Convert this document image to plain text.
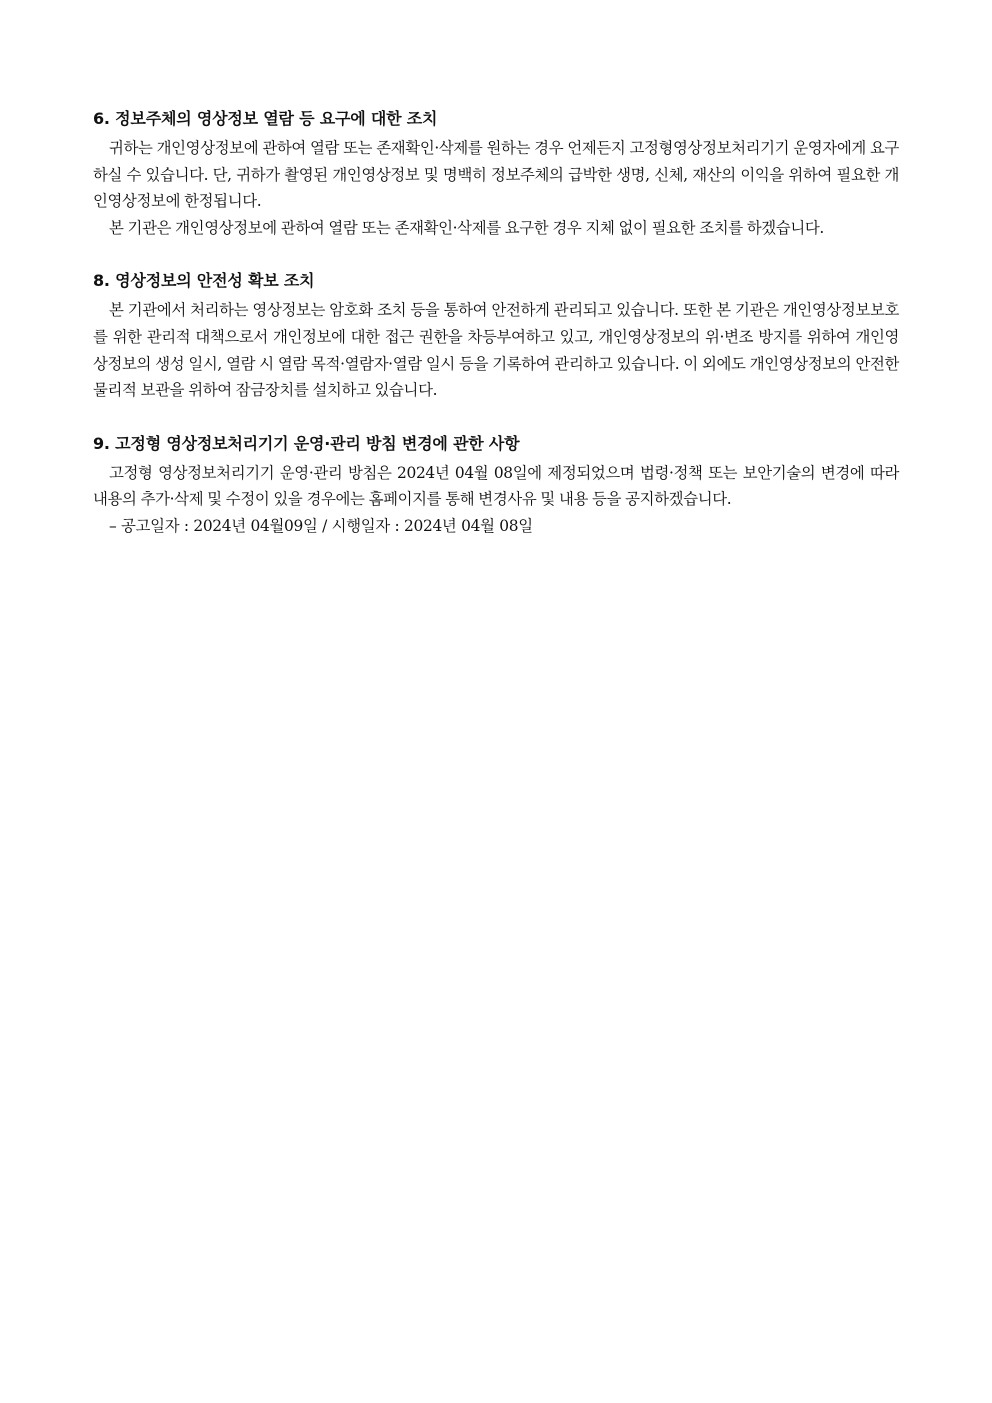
6. 정보주체의 영상정보 열람 등 요구에 대한 조치

귀하는 개인영상정보에 관하여 열람 또는 존재확인·삭제를 원하는 경우 언제든지 고정형영상정보처리기기 운영자에게 요구하실 수 있습니다. 단, 귀하가 촬영된 개인영상정보 및 명백히 정보주체의 급박한 생명, 신체, 재산의 이익을 위하여 필요한 개인영상정보에 한정됩니다.

본 기관은 개인영상정보에 관하여 열람 또는 존재확인·삭제를 요구한 경우 지체 없이 필요한 조치를 하겠습니다.

8. 영상정보의 안전성 확보 조치

본 기관에서 처리하는 영상정보는 암호화 조치 등을 통하여 안전하게 관리되고 있습니다. 또한 본 기관은 개인영상정보보호를 위한 관리적 대책으로서 개인정보에 대한 접근 권한을 차등부여하고 있고, 개인영상정보의 위·변조 방지를 위하여 개인영상정보의 생성 일시, 열람 시 열람 목적·열람자·열람 일시 등을 기록하여 관리하고 있습니다. 이 외에도 개인영상정보의 안전한 물리적 보관을 위하여 잠금장치를 설치하고 있습니다.

9. 고정형 영상정보처리기기 운영·관리 방침 변경에 관한 사항

고정형 영상정보처리기기 운영·관리 방침은 2024년 04월 08일에 제정되었으며 법령·정책 또는 보안기술의 변경에 따라 내용의 추가·삭제 및 수정이 있을 경우에는 홈페이지를 통해 변경사유 및 내용 등을 공지하겠습니다.

– 공고일자 : 2024년 04월09일 / 시행일자 : 2024년 04월 08일
